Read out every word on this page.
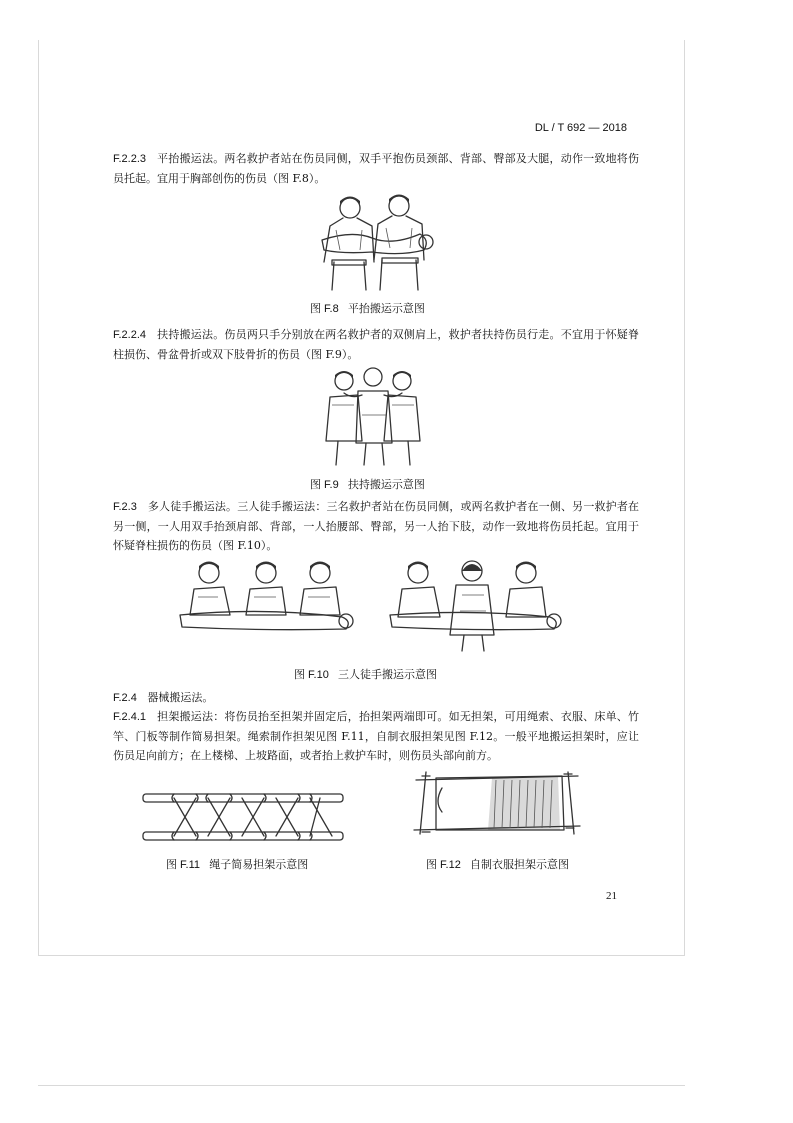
DL / T 692 — 2018

F.2.2.3 平抬搬运法。两名救护者站在伤员同侧，双手平抱伤员颈部、背部、臀部及大腿，动作一致地将伤员托起。宜用于胸部创伤的伤员（图 F.8）。

图 F.8 平抬搬运示意图

F.2.2.4 扶持搬运法。伤员两只手分别放在两名救护者的双侧肩上，救护者扶持伤员行走。不宜用于怀疑脊柱损伤、骨盆骨折或双下肢骨折的伤员（图 F.9）。

图 F.9 扶持搬运示意图

F.2.3 多人徒手搬运法。三人徒手搬运法：三名救护者站在伤员同侧，或两名救护者在一侧、另一救护者在另一侧，一人用双手抬颈肩部、背部，一人抬腰部、臀部，另一人抬下肢，动作一致地将伤员托起。宜用于怀疑脊柱损伤的伤员（图 F.10）。

图 F.10 三人徒手搬运示意图
F.2.4 器械搬运法。

F.2.4.1 担架搬运法：将伤员抬至担架并固定后，抬担架两端即可。如无担架，可用绳索、衣服、床单、竹竿、门板等制作简易担架。绳索制作担架见图 F.11，自制衣服担架见图 F.12。一般平地搬运担架时，应让伤员足向前方；在上楼梯、上坡路面，或者抬上救护车时，则伤员头部向前方。

图 F.11 绳子简易担架示意图	图 F.12 自制衣服担架示意图
21
